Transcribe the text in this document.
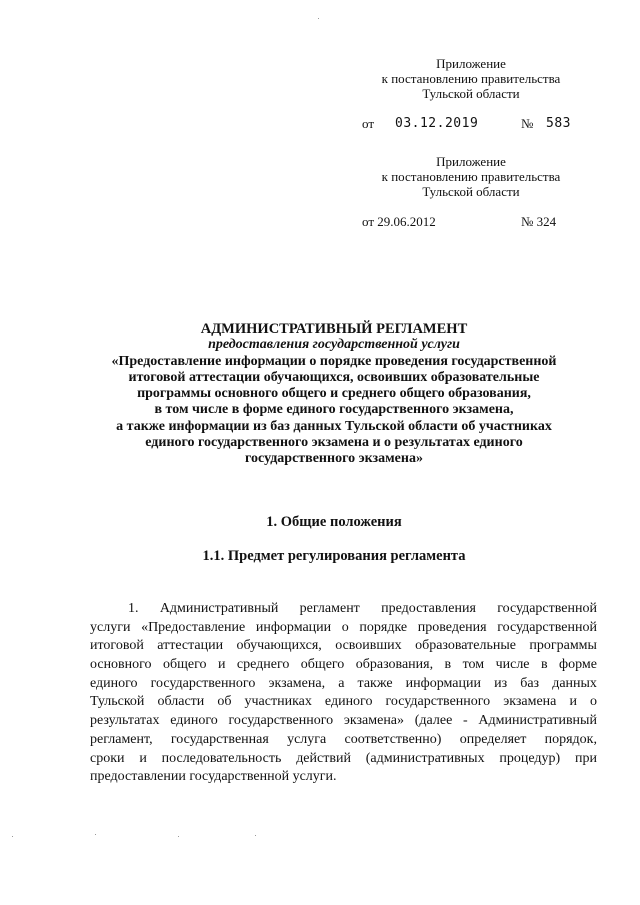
Приложение
к постановлению правительства
Тульской области
от 03.12.2019	№ 583
Приложение
к постановлению правительства
Тульской области
от 29.06.2012	№ 324
АДМИНИСТРАТИВНЫЙ РЕГЛАМЕНТ
предоставления государственной услуги
«Предоставление информации о порядке проведения государственной
итоговой аттестации обучающихся, освоивших образовательные
программы основного общего и среднего общего образования,
в том числе в форме единого государственного экзамена,
а также информации из баз данных Тульской области об участниках
единого государственного экзамена и о результатах единого
государственного экзамена»
1. Общие положения
1.1. Предмет регулирования регламента
1. Административный регламент предоставления государственной
услуги «Предоставление информации о порядке проведения государственной
итоговой аттестации обучающихся, освоивших образовательные программы
основного общего и среднего общего образования, в том числе в форме
единого государственного экзамена, а также информации из баз данных
Тульской области об участниках единого государственного экзамена и о
результатах единого государственного экзамена» (далее - Административный
регламент, государственная услуга соответственно) определяет порядок,
сроки и последовательность действий (административных процедур) при
предоставлении государственной услуги.
